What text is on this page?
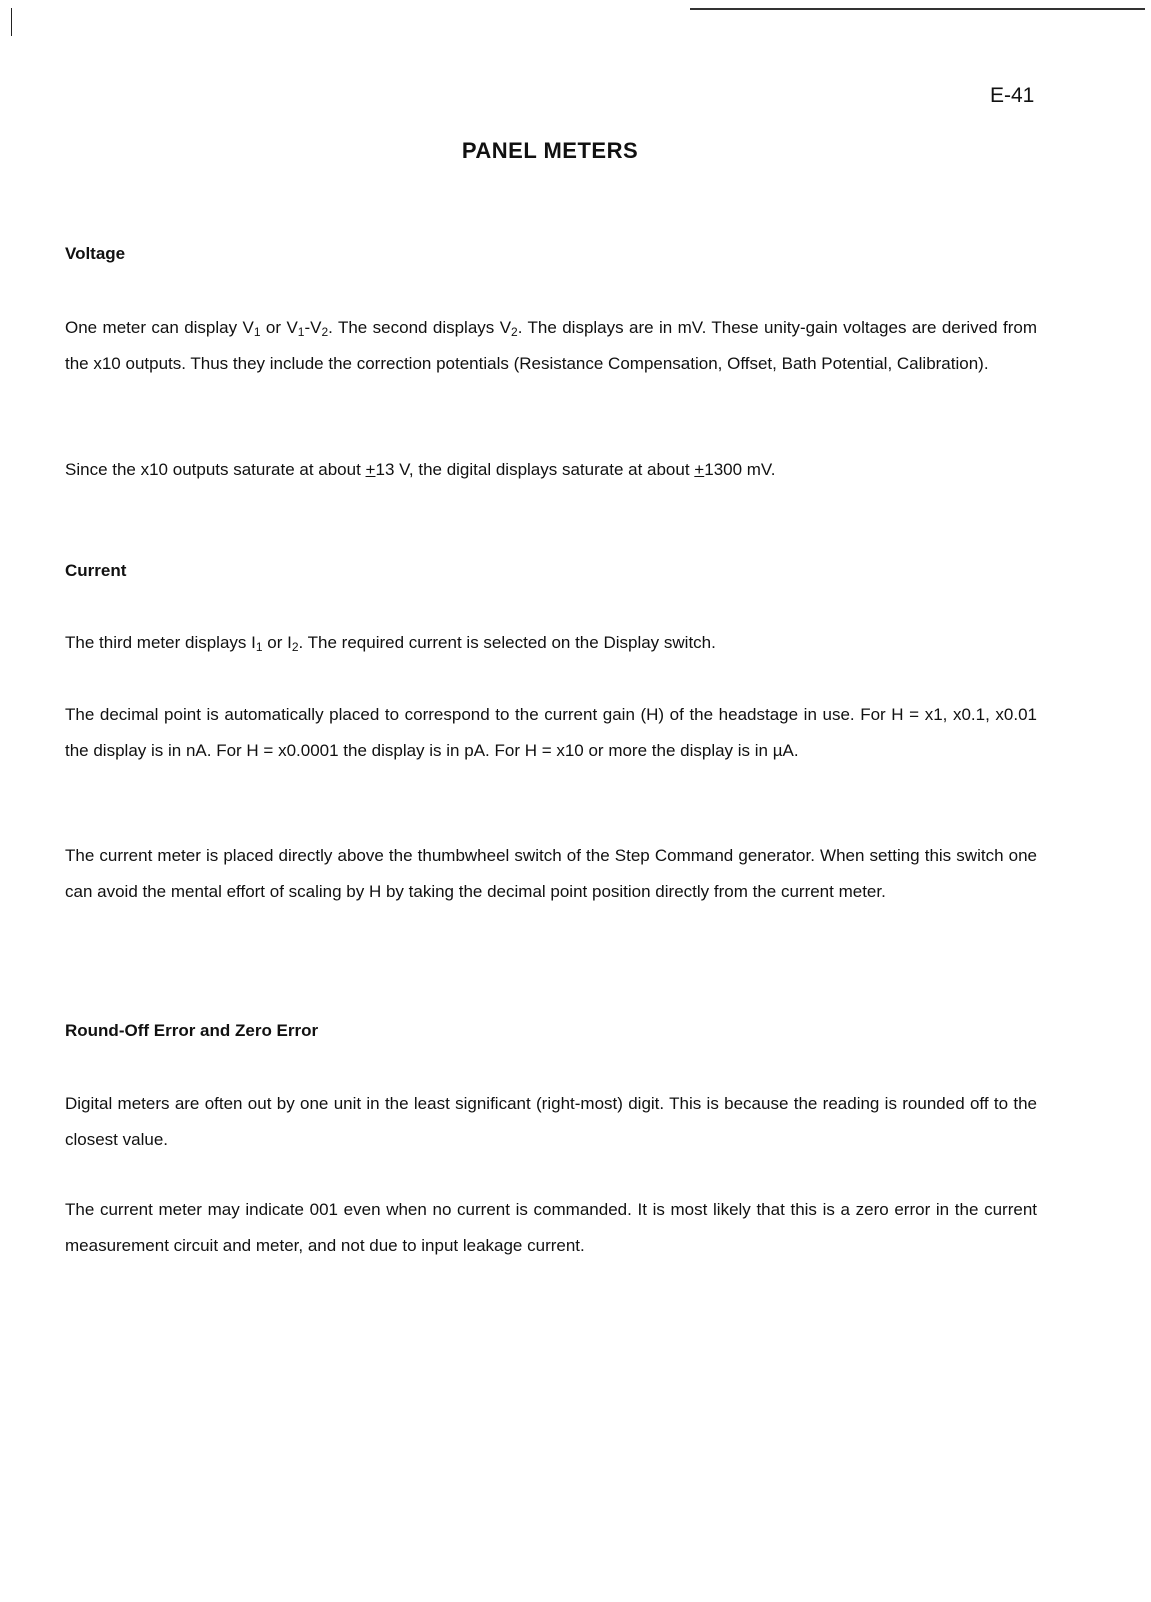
E-41
PANEL METERS
Voltage

One meter can display $V_1$ or $V_1-V_2$. The second displays $V_2$. The displays are in mV. These unity-gain voltages are derived from the x10 outputs. Thus they include the correction potentials (Resistance Compensation, Offset, Bath Potential, Calibration).

Since the x10 outputs saturate at about +13 V, the digital displays saturate at about +1300 mV.

Current

The third meter displays $I_1$ or $I_2$. The required current is selected on the Display switch.

The decimal point is automatically placed to correspond to the current gain (H) of the headstage in use. For H = x1, x0.1, x0.01 the display is in nA. For H = x0.0001 the display is in pA. For H = x10 or more the display is in µA.

The current meter is placed directly above the thumbwheel switch of the Step Command generator. When setting this switch one can avoid the mental effort of scaling by H by taking the decimal point position directly from the current meter.

Round-Off Error and Zero Error

Digital meters are often out by one unit in the least significant (right-most) digit. This is because the reading is rounded off to the closest value.

The current meter may indicate 001 even when no current is commanded. It is most likely that this is a zero error in the current measurement circuit and meter, and not due to input leakage current.
